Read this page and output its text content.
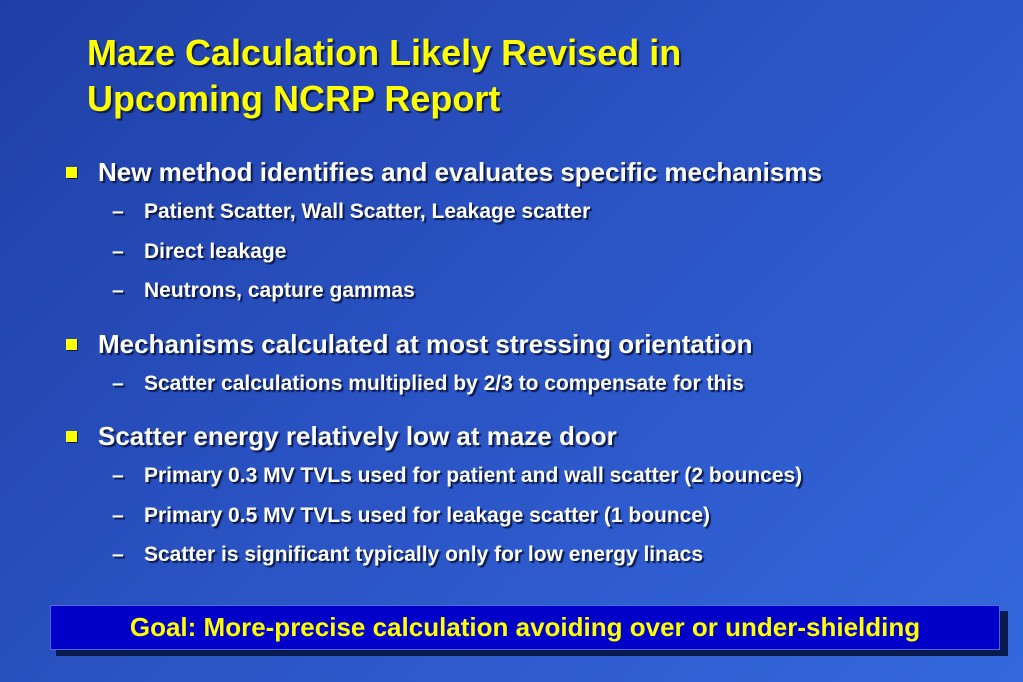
Maze Calculation Likely Revised in
Upcoming NCRP Report
New method identifies and evaluates specific mechanisms
– Patient Scatter, Wall Scatter, Leakage scatter
– Direct leakage
– Neutrons, capture gammas
Mechanisms calculated at most stressing orientation
– Scatter calculations multiplied by 2/3 to compensate for this
Scatter energy relatively low at maze door
– Primary 0.3 MV TVLs used for patient and wall scatter (2 bounces)
– Primary 0.5 MV TVLs used for leakage scatter (1 bounce)
– Scatter is significant typically only for low energy linacs
Goal: More-precise calculation avoiding over or under-shielding
